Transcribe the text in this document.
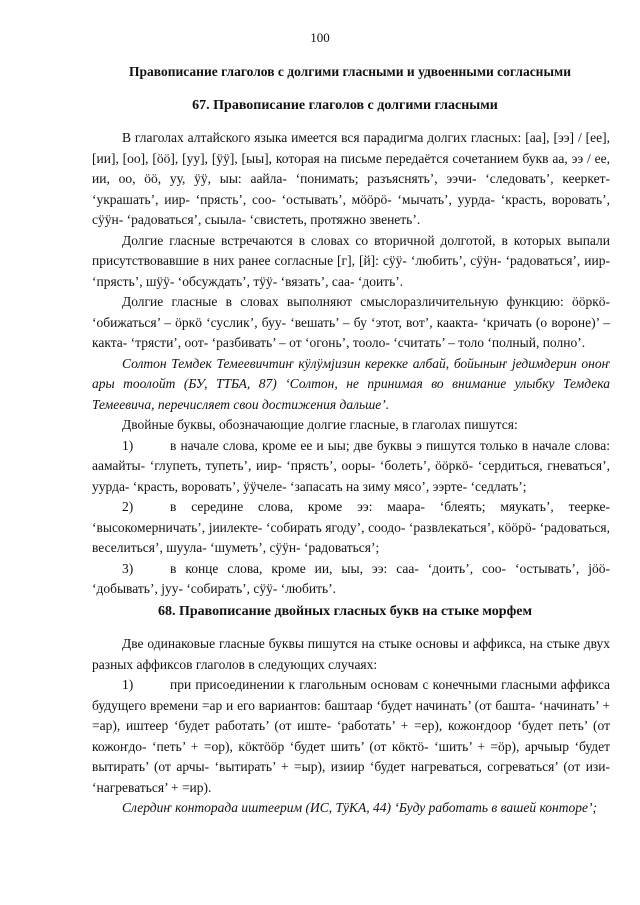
100
Правописание глаголов с долгими гласными и удвоенными согласными
67. Правописание глаголов с долгими гласными

В глаголах алтайского языка имеется вся парадигма долгих гласных: [аа], [ээ] / [ее], [ии], [оо], [öö], [уу], [ÿÿ], [ыы], которая на письме передаётся сочетанием букв аа, ээ / ее, ии, оо, öö, уу, ÿÿ, ыы: аайла- ‘понимать; разъяснять’, ээчи- ‘следовать’, кееркет- ‘украшать’, иир- ‘прясть’, соо- ‘остывать’, мööрö- ‘мычать’, уурда- ‘красть, воровать’, сÿÿн- ‘радоваться’, сыыла- ‘свистеть, протяжно звенеть’.

Долгие гласные встречаются в словах со вторичной долготой, в которых выпали присутствовавшие в них ранее согласные [г], [й]: сÿÿ- ‘любить’, сÿÿн- ‘радоваться’, иир- ‘прясть’, шÿÿ- ‘обсуждать’, тÿÿ- ‘вязать’, саа- ‘доить’.

Долгие гласные в словах выполняют смыслоразличительную функцию: ööркö- ‘обижаться’ – öркö ‘суслик’, буу- ‘вешать’ – бу ‘этот, вот’, каакта- ‘кричать (о вороне)’ – какта- ‘трясти’, оот- ‘разбивать’ – от ‘огонь’, тооло- ‘считать’ – толо ‘полный, полно’.

Солтон Темдек Темеевичтиҥ кÿлÿмjизин керекке албай, бойыныҥ jедимдерин оноҥ ары тоолойт (БУ, ТТБА, 87) ‘Солтон, не принимая во внимание улыбку Темдека Темеевича, перечисляет свои достижения дальше’.

Двойные буквы, обозначающие долгие гласные, в глаголах пишутся:

1)	в начале слова, кроме ее и ыы; две буквы э пишутся только в начале слова: аамайты- ‘глупеть, тупеть’, иир- ‘прясть’, ооры- ‘болеть’, ööркö- ‘сердиться, гневаться’, уурда- ‘красть, воровать’, ÿÿчеле- ‘запасать на зиму мясо’, ээрте- ‘седлать’;

2)	в середине слова, кроме ээ: маара- ‘блеять; мяукать’, теерке- ‘высокомерничать’, jиилекте- ‘собирать ягоду’, соодо- ‘развлекаться’, кööрö- ‘радоваться, веселиться’, шуула- ‘шуметь’, сÿÿн- ‘радоваться’;

3)	в конце слова, кроме ии, ыы, ээ: саа- ‘доить’, соо- ‘остывать’, jöö- ‘добывать’, jуу- ‘собирать’, сÿÿ- ‘любить’.

68. Правописание двойных гласных букв на стыке морфем

Две одинаковые гласные буквы пишутся на стыке основы и аффикса, на стыке двух разных аффиксов глаголов в следующих случаях:

1)	при присоединении к глагольным основам с конечными гласными аффикса будущего времени =ар и его вариантов: баштаар ‘будет начинать’ (от башта- ‘начинать’ + =ар), иштеер ‘будет работать’ (от иште- ‘работать’ + =ер), кожоҥдоор ‘будет петь’ (от кожоҥдо- ‘петь’ + =ор), кöктööр ‘будет шить’ (от кöктö- ‘шить’ + =öр), арчыыр ‘будет вытирать’ (от арчы- ‘вытирать’ + =ыр), изиир ‘будет нагреваться, согреваться’ (от изи- ‘нагреваться’ + =ир).

Слердиҥ конторада иштеерим (ИС, ТÿКА, 44) ‘Буду работать в вашей конторе’;
